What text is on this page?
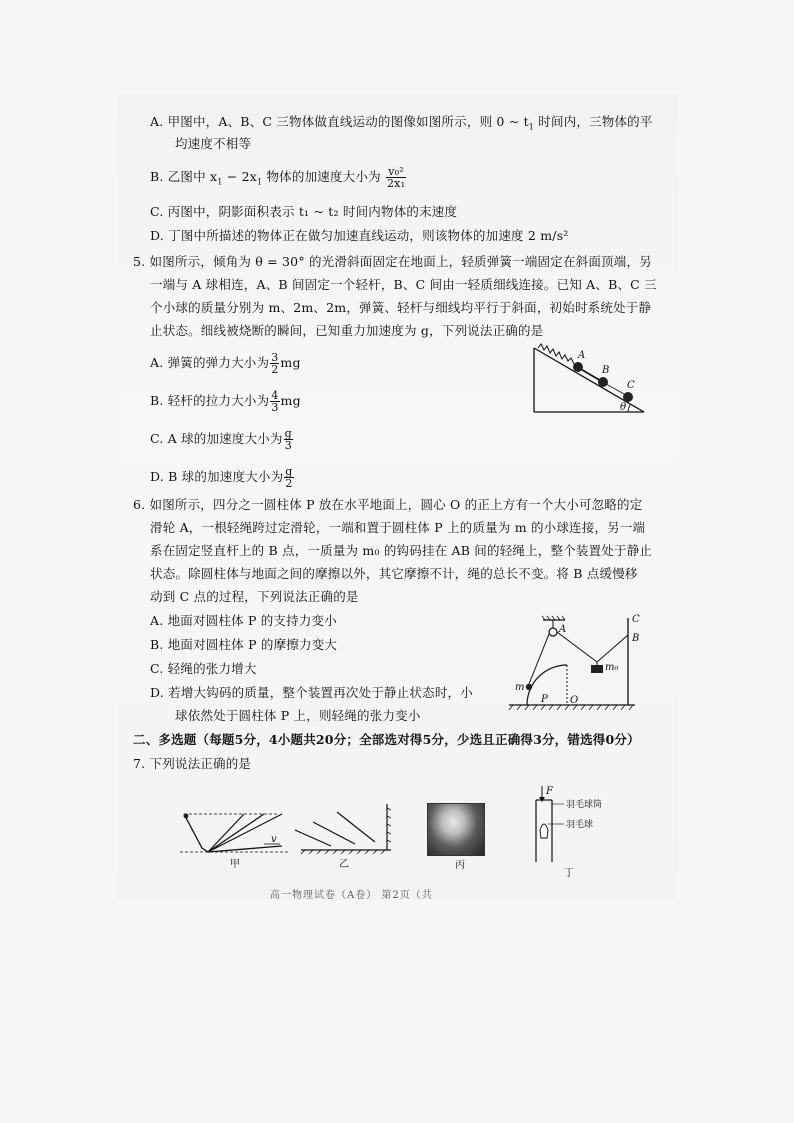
A. 甲图中，A、B、C 三物体做直线运动的图像如图所示，则 0 ~ $t_1$ 时间内，三物体的平
均速度不相等
B. 乙图中 $x_1 - 2x_1$ 物体的加速度大小为 $\frac{\text{v₀²}}{\text{2x₁}}$
C. 丙图中，阴影面积表示 t₁ ~ t₂ 时间内物体的末速度
D. 丁图中所描述的物体正在做匀加速直线运动，则该物体的加速度 2 m/s²
5. 如图所示，倾角为 θ = 30° 的光滑斜面固定在地面上，轻质弹簧一端固定在斜面顶端，另
一端与 A 球相连，A、B 间固定一个轻杆，B、C 间由一轻质细线连接。已知 A、B、C 三
个小球的质量分别为 m、2m、2m，弹簧、轻杆与细线均平行于斜面，初始时系统处于静
止状态。细线被烧断的瞬间，已知重力加速度为 g，下列说法正确的是
A. 弹簧的弹力大小为 $\frac{3}{2}$ mg
B. 轻杆的拉力大小为 $\frac{4}{3}$ mg
C. A 球的加速度大小为 $\frac{g}{3}$
D. B 球的加速度大小为 $\frac{g}{2}$
A
B
C
θ
6. 如图所示，四分之一圆柱体 P 放在水平地面上，圆心 O 的正上方有一个大小可忽略的定
滑轮 A，一根轻绳跨过定滑轮，一端和置于圆柱体 P 上的质量为 m 的小球连接，另一端
系在固定竖直杆上的 B 点，一质量为 m₀ 的钩码挂在 AB 间的轻绳上，整个装置处于静止
状态。除圆柱体与地面之间的摩擦以外，其它摩擦不计，绳的总长不变。将 B 点缓慢移
动到 C 点的过程，下列说法正确的是
A. 地面对圆柱体 P 的支持力变小
B. 地面对圆柱体 P 的摩擦力变大
C. 轻绳的张力增大
D. 若增大钩码的质量，整个装置再次处于静止状态时，小
球依然处于圆柱体 P 上，则轻绳的张力变小
A
C
B
m₀
m
P O
二、多选题（每题5分，4小题共20分；全部选对得5分，少选且正确得3分，错选得0分）
7. 下列说法正确的是
v
甲	乙	丙
F
羽毛球筒
羽毛球
丁
高一物理试卷（A卷） 第2页（共
